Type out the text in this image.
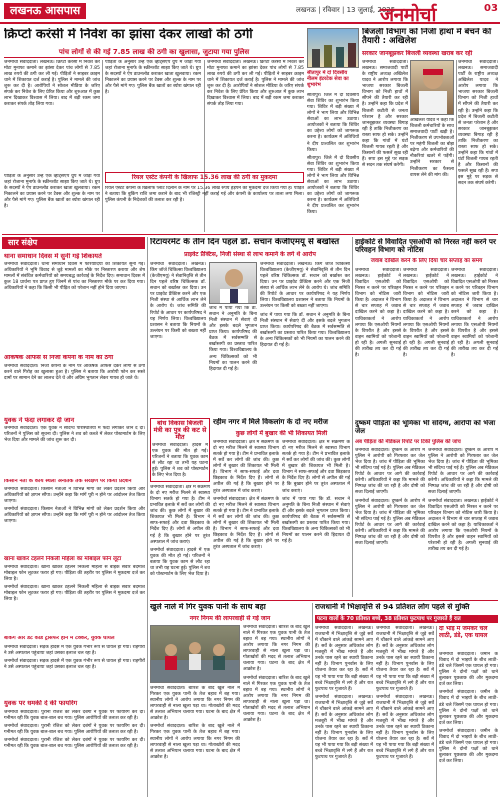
लखनऊ आसपास	लखनऊ | रविवार | 13 जुलाई, 2025
जनमोर्चा	03
क्रिप्टो करंसी में निवेश का झांसा देकर लाखों की ठगी
पांच लोगों से की गई 7.85 लाख की ठगी का खुलासा, जुटाया गया पुलिस

जनमोर्चा संवाददाता। लखनऊ। क्रिप्टो करंसी में निवेश कर मोटा मुनाफा कमाने का झांसा देकर पांच लोगों से 7.85 लाख रुपये की ठगी कर ली गई। पीड़ितों ने साइबर क्राइम थाने में शिकायत दर्ज कराई है। पुलिस ने मामले की जांच शुरू कर दी है। आरोपियों ने सोशल मीडिया के जरिए संपर्क कर निवेश के लिए प्रेरित किया और शुरुआत में कुछ लाभ दिखाकर विश्वास में लिया। बाद में बड़ी रकम जमा कराकर संपर्क तोड़ लिया गया।

पीड़ितों के अनुसार उन्हें एक व्हाट्सएप ग्रुप में जोड़ा गया जहां रोजाना मुनाफे के स्क्रीनशॉट साझा किए जाते थे। ग्रुप के सदस्यों ने ऐप डाउनलोड कराकर खाता खुलवाया। रकम निकालने का प्रयास करने पर टैक्स और शुल्क के नाम पर और पैसे मांगे गए। पुलिस बैंक खातों का ब्योरा खंगाल रही है।

जनमोर्चा संवाददाता। लखनऊ। क्रिप्टो करंसी में निवेश कर मोटा मुनाफा कमाने का झांसा देकर पांच लोगों से 7.85 लाख रुपये की ठगी कर ली गई। पीड़ितों ने साइबर क्राइम थाने में शिकायत दर्ज कराई है। पुलिस ने मामले की जांच शुरू कर दी है। आरोपियों ने सोशल मीडिया के जरिए संपर्क कर निवेश के लिए प्रेरित किया और शुरुआत में कुछ लाभ दिखाकर विश्वास में लिया। बाद में बड़ी रकम जमा कराकर संपर्क तोड़ लिया गया।

रियल एस्टेट कंपनी के खिलाफ 15.36 लाख की ठगी का मुकदमा

रियल एस्टेट कंपनी के खिलाफ प्लॉट दिलाने के नाम पर 15.36 लाख रुपये हड़पने का मुकदमा दर्ज किया गया है। पीड़ित ने बताया कि बुकिंग राशि जमा कराने के बाद भी रजिस्ट्री नहीं कराई गई और कंपनी के कार्यालय पर ताला लगा मिला। पुलिस कंपनी के निदेशकों की तलाश कर रही है।

पीड़ितों के अनुसार उन्हें एक व्हाट्सएप ग्रुप में जोड़ा गया जहां रोजाना मुनाफे के स्क्रीनशॉट साझा किए जाते थे। ग्रुप के सदस्यों ने ऐप डाउनलोड कराकर खाता खुलवाया। रकम निकालने का प्रयास करने पर टैक्स और शुल्क के नाम पर और पैसे मांगे गए। पुलिस बैंक खातों का ब्योरा खंगाल रही है।

बिजली विभाग को निजी हाथों में बेचने की तैयारी : अखिलेश
सरकार जानबूझकर बिजली व्यवस्था खराब कर रही

जनमोर्चा संवाददाता। लखनऊ। समाजवादी पार्टी के राष्ट्रीय अध्यक्ष अखिलेश यादव ने आरोप लगाया कि भाजपा सरकार बिजली विभाग को निजी हाथों में सौंपने की तैयारी कर रही है। उन्होंने कहा कि प्रदेश में बिजली कटौती से जनता परेशान है और सरकार जानबूझकर व्यवस्था बिगाड़ रही है ताकि निजीकरण का रास्ता साफ हो सके। उन्होंने कहा कि गांवों में घंटों बिजली गायब रहती है और किसानों की फसलें सूख रही हैं। सपा इस मुद्दे पर सड़क से सदन तक संघर्ष करेगी।

अखिलेश यादव ने कहा कि बिजली कर्मचारियों के साथ समाजवादी पार्टी खड़ी है। निजीकरण से उपभोक्ताओं पर महंगी बिजली का बोझ बढ़ेगा और कर्मचारियों की नौकरियां खतरे में पड़ेंगी। उन्होंने सरकार से निजीकरण का फैसला वापस लेने की मांग की।

जनमोर्चा संवाददाता। लखनऊ। समाजवादी पार्टी के राष्ट्रीय अध्यक्ष अखिलेश यादव ने आरोप लगाया कि भाजपा सरकार बिजली विभाग को निजी हाथों में सौंपने की तैयारी कर रही है। उन्होंने कहा कि प्रदेश में बिजली कटौती से जनता परेशान है और सरकार जानबूझकर व्यवस्था बिगाड़ रही है ताकि निजीकरण का रास्ता साफ हो सके। उन्होंने कहा कि गांवों में घंटों बिजली गायब रहती है और किसानों की फसलें सूख रही हैं। सपा इस मुद्दे पर सड़क से सदन तक संघर्ष करेगी।

सीतापुर में दो दिवसीय नीलम इंटरटेक सेवा का शुभारंभ

सीतापुर। जिले में दो दिवसीय सेवा शिविर का शुभारंभ किया गया। शिविर में बड़ी संख्या में लोगों ने भाग लिया और विभिन्न सेवाओं का लाभ उठाया। आयोजकों ने बताया कि शिविर का उद्देश्य लोगों को जागरूक करना है। कार्यक्रम में अतिथियों ने दीप प्रज्वलित कर शुभारंभ किया।

सीतापुर। जिले में दो दिवसीय सेवा शिविर का शुभारंभ किया गया। शिविर में बड़ी संख्या में लोगों ने भाग लिया और विभिन्न सेवाओं का लाभ उठाया। आयोजकों ने बताया कि शिविर का उद्देश्य लोगों को जागरूक करना है। कार्यक्रम में अतिथियों ने दीप प्रज्वलित कर शुभारंभ किया।

सार संक्षेप
थाना समाधान दिवस में सुनी गई शिकायतें

जनमोर्चा संवाददाता। थाना समाधान दिवस में फरियादियों की शिकायतें सुनी गईं। अधिकारियों ने भूमि विवाद से जुड़े मामलों का मौके पर निस्तारण कराया और शेष मामलों में संबंधित कर्मचारियों को समयबद्ध कार्रवाई के निर्देश दिए। समाधान दिवस में कुल 18 प्रार्थना पत्र प्राप्त हुए जिनमें से पांच का निस्तारण मौके पर कर दिया गया। अधिकारियों ने कहा कि किसी भी पीड़ित को परेशान नहीं होने दिया जाएगा।

आकर्षक ऑफर्स से निजी कंपनी के नाम की ठगी

जनमोर्चा संवाददाता। निजी कंपनी के नाम पर आकर्षक ऑफर्स देकर लोगों से ठगी करने वाले गिरोह का खुलासा हुआ है। पुलिस ने बताया कि आरोपी फोन कर सस्ते दामों पर सामान देने का लालच देते थे और अग्रिम भुगतान लेकर गायब हो जाते थे।

युवक ने फंदा लगाकर दी जान

जनमोर्चा संवाददाता। एक युवक ने संदिग्ध परिस्थितियों में फंदा लगाकर जान दे दी। परिजनों ने पुलिस को सूचना दी। पुलिस ने शव को कब्जे में लेकर पोस्टमार्टम के लिए भेज दिया और मामले की जांच शुरू कर दी।

किसान नेता के कार्य स्थली अनैतिक तक संरक्षण पर किया प्रदर्शन

जनमोर्चा संवाददाता। किसान नेताओं ने विभिन्न मांगों को लेकर प्रदर्शन किया और अधिकारियों को ज्ञापन सौंपा। उन्होंने कहा कि मांगें पूरी न होने पर आंदोलन तेज किया जाएगा।

जनमोर्चा संवाददाता। किसान नेताओं ने विभिन्न मांगों को लेकर प्रदर्शन किया और अधिकारियों को ज्ञापन सौंपा। उन्होंने कहा कि मांगें पूरी न होने पर आंदोलन तेज किया जाएगा।

खाना खाकर टहलने निकली महिला का मोबाइल फोन लूटा

जनमोर्चा संवाददाता। खाना खाकर टहलने निकली महिला से बाइक सवार बदमाश मोबाइल फोन लूटकर फरार हो गए। पीड़िता की तहरीर पर पुलिस ने मुकदमा दर्ज कर लिया है।

जनमोर्चा संवाददाता। खाना खाकर टहलने निकली महिला से बाइक सवार बदमाश मोबाइल फोन लूटकर फरार हो गए। पीड़िता की तहरीर पर पुलिस ने मुकदमा दर्ज कर लिया है।

बैंकिंग और डेट कार्ड ट्रांसफर होने में टक्कर, युवक घायल

जनमोर्चा संवाददाता। सड़क हादसे में एक युवक गंभीर रूप से घायल हो गया। राहगीरों ने उसे अस्पताल पहुंचाया जहां उसका इलाज चल रहा है।

जनमोर्चा संवाददाता। सड़क हादसे में एक युवक गंभीर रूप से घायल हो गया। राहगीरों ने उसे अस्पताल पहुंचाया जहां उसका इलाज चल रहा है।

युवक पर धमकी दे की फायरिंग

जनमोर्चा संवाददाता। पुरानी रंजिश को लेकर दबंगों ने युवक पर फायरिंग कर दी। गनीमत रही कि युवक बाल-बाल बच गया। पुलिस आरोपियों की तलाश कर रही है।

जनमोर्चा संवाददाता। पुरानी रंजिश को लेकर दबंगों ने युवक पर फायरिंग कर दी। गनीमत रही कि युवक बाल-बाल बच गया। पुलिस आरोपियों की तलाश कर रही है।

जनमोर्चा संवाददाता। पुरानी रंजिश को लेकर दबंगों ने युवक पर फायरिंग कर दी। गनीमत रही कि युवक बाल-बाल बच गया। पुलिस आरोपियों की तलाश कर रही है।

रिटायरमेंट के तीन दिन पहले डॉ. सचान केजीएमयू से बर्खास्त
प्राइवेट प्रैक्टिस, निजी संस्था से लाभ कमाने के लगे थे आरोप

जनमोर्चा संवाददाता। लखनऊ। किंग जॉर्ज चिकित्सा विश्वविद्यालय (केजीएमयू) ने सेवानिवृत्ति से तीन दिन पहले वरिष्ठ चिकित्सक डॉ. सचान को बर्खास्त कर दिया। उन पर प्राइवेट प्रैक्टिस करने और एक निजी संस्था से आर्थिक लाभ लेने के आरोप थे। जांच समिति की रिपोर्ट के आधार पर कार्यपरिषद ने यह निर्णय लिया। विश्वविद्यालय प्रशासन ने बताया कि नियमों के उल्लंघन पर किसी को बख्शा नहीं जाएगा।

जांच में पाया गया कि डॉ. सचान ने अनुमति के बिना निजी संस्थान में सेवाएं दीं और इसके बदले भुगतान प्राप्त किया। कार्यपरिषद की बैठक में सर्वसम्मति से बर्खास्तगी का प्रस्ताव पारित किया गया। विश्वविद्यालय के अन्य चिकित्सकों को भी नियमों का पालन करने की हिदायत दी गई है।

जनमोर्चा संवाददाता। लखनऊ। किंग जॉर्ज चिकित्सा विश्वविद्यालय (केजीएमयू) ने सेवानिवृत्ति से तीन दिन पहले वरिष्ठ चिकित्सक डॉ. सचान को बर्खास्त कर दिया। उन पर प्राइवेट प्रैक्टिस करने और एक निजी संस्था से आर्थिक लाभ लेने के आरोप थे। जांच समिति की रिपोर्ट के आधार पर कार्यपरिषद ने यह निर्णय लिया। विश्वविद्यालय प्रशासन ने बताया कि नियमों के उल्लंघन पर किसी को बख्शा नहीं जाएगा।

जांच में पाया गया कि डॉ. सचान ने अनुमति के बिना निजी संस्थान में सेवाएं दीं और इसके बदले भुगतान प्राप्त किया। कार्यपरिषद की बैठक में सर्वसम्मति से बर्खास्तगी का प्रस्ताव पारित किया गया। विश्वविद्यालय के अन्य चिकित्सकों को भी नियमों का पालन करने की हिदायत दी गई है।

बांध विकास बिजली मंत्री का पुत्र की कट से मौत

जनमोर्चा संवाददाता। हादसे में एक युवक की मौत हो गई। परिजनों ने बताया कि युवक काम से लौट रहा था तभी यह घटना हुई। पुलिस ने शव को पोस्टमार्टम के लिए भेज दिया है।

जनमोर्चा संवाददाता। क्षेत्र में संक्रमण के दो नए मरीज मिलने से स्वास्थ्य विभाग सतर्क हो गया है। टीम ने प्रभावित इलाके में सर्वे कर लोगों की जांच की। कुछ लोगों में बुखार की शिकायत भी मिली है। विभाग ने साफ-सफाई और दवा छिड़काव के निर्देश दिए हैं। लोगों से अपील की गई है कि बुखार होने पर तुरंत अस्पताल में जांच कराएं।

जनमोर्चा संवाददाता। हादसे में एक युवक की मौत हो गई। परिजनों ने बताया कि युवक काम से लौट रहा था तभी यह घटना हुई। पुलिस ने शव को पोस्टमार्टम के लिए भेज दिया है।

रहीम नगर में मिले विकलांग के दो नए मरीज
कुछ लोगों में बुखार की भी शिकायत मिली

जनमोर्चा संवाददाता। क्षेत्र में संक्रमण के दो नए मरीज मिलने से स्वास्थ्य विभाग सतर्क हो गया है। टीम ने प्रभावित इलाके में सर्वे कर लोगों की जांच की। कुछ लोगों में बुखार की शिकायत भी मिली है। विभाग ने साफ-सफाई और दवा छिड़काव के निर्देश दिए हैं। लोगों से अपील की गई है कि बुखार होने पर तुरंत अस्पताल में जांच कराएं।

जनमोर्चा संवाददाता। क्षेत्र में संक्रमण के दो नए मरीज मिलने से स्वास्थ्य विभाग सतर्क हो गया है। टीम ने प्रभावित इलाके में सर्वे कर लोगों की जांच की। कुछ लोगों में बुखार की शिकायत भी मिली है। विभाग ने साफ-सफाई और दवा छिड़काव के निर्देश दिए हैं। लोगों से अपील की गई है कि बुखार होने पर तुरंत अस्पताल में जांच कराएं।

जनमोर्चा संवाददाता। क्षेत्र में संक्रमण के दो नए मरीज मिलने से स्वास्थ्य विभाग सतर्क हो गया है। टीम ने प्रभावित इलाके में सर्वे कर लोगों की जांच की। कुछ लोगों में बुखार की शिकायत भी मिली है। विभाग ने साफ-सफाई और दवा छिड़काव के निर्देश दिए हैं। लोगों से अपील की गई है कि बुखार होने पर तुरंत अस्पताल में जांच कराएं।

जांच में पाया गया कि डॉ. सचान ने अनुमति के बिना निजी संस्थान में सेवाएं दीं और इसके बदले भुगतान प्राप्त किया। कार्यपरिषद की बैठक में सर्वसम्मति से बर्खास्तगी का प्रस्ताव पारित किया गया। विश्वविद्यालय के अन्य चिकित्सकों को भी नियमों का पालन करने की हिदायत दी गई है।

हाईकोर्ट से विवादित एसओपी को निरस्त नहीं करने पर परिवहन विभाग को नोटिस
जवाब दाखिल करने के लिए दिया चार सप्ताह का समय

जनमोर्चा संवाददाता। लखनऊ। हाईकोर्ट ने विवादित एसओपी को निरस्त न करने पर परिवहन विभाग को नोटिस जारी किया है। अदालत ने विभाग से चार सप्ताह में जवाब दाखिल करने को कहा है। याचिकाकर्ता ने आरोप लगाया कि एसओपी नियमों के विपरीत है और इससे वाहन स्वामियों को परेशानी हो रही है। अगली सुनवाई की तारीख तय कर दी गई है।

जनमोर्चा संवाददाता। लखनऊ। हाईकोर्ट ने विवादित एसओपी को निरस्त न करने पर परिवहन विभाग को नोटिस जारी किया है। अदालत ने विभाग से चार सप्ताह में जवाब दाखिल करने को कहा है। याचिकाकर्ता ने आरोप लगाया कि एसओपी नियमों के विपरीत है और इससे वाहन स्वामियों को परेशानी हो रही है। अगली सुनवाई की तारीख तय कर दी गई है।

जनमोर्चा संवाददाता। लखनऊ। हाईकोर्ट ने विवादित एसओपी को निरस्त न करने पर परिवहन विभाग को नोटिस जारी किया है। अदालत ने विभाग से चार सप्ताह में जवाब दाखिल करने को कहा है। याचिकाकर्ता ने आरोप लगाया कि एसओपी नियमों के विपरीत है और इससे वाहन स्वामियों को परेशानी हो रही है। अगली सुनवाई की तारीख तय कर दी गई है।

दुष्कर्म पीड़िता की भूमिका भी संदिग्ध, आरोपी को भेजा जेल
अब पीड़िता की मेडिकल रिपोर्ट पर टिकी पुलिस की जांच

जनमोर्चा संवाददाता। दुष्कर्म के आरोप में पुलिस ने आरोपी को गिरफ्तार कर जेल भेज दिया है। जांच में पीड़िता की भूमिका भी संदिग्ध पाई गई है। पुलिस अब मेडिकल रिपोर्ट के आधार पर आगे की कार्रवाई करेगी। अधिकारियों ने कहा कि मामले की निष्पक्ष जांच की जा रही है और दोषी को सजा दिलाई जाएगी।

जनमोर्चा संवाददाता। दुष्कर्म के आरोप में पुलिस ने आरोपी को गिरफ्तार कर जेल भेज दिया है। जांच में पीड़िता की भूमिका भी संदिग्ध पाई गई है। पुलिस अब मेडिकल रिपोर्ट के आधार पर आगे की कार्रवाई करेगी। अधिकारियों ने कहा कि मामले की निष्पक्ष जांच की जा रही है और दोषी को सजा दिलाई जाएगी।

जनमोर्चा संवाददाता। दुष्कर्म के आरोप में पुलिस ने आरोपी को गिरफ्तार कर जेल भेज दिया है। जांच में पीड़िता की भूमिका भी संदिग्ध पाई गई है। पुलिस अब मेडिकल रिपोर्ट के आधार पर आगे की कार्रवाई करेगी। अधिकारियों ने कहा कि मामले की निष्पक्ष जांच की जा रही है और दोषी को सजा दिलाई जाएगी।

जनमोर्चा संवाददाता। लखनऊ। हाईकोर्ट ने विवादित एसओपी को निरस्त न करने पर परिवहन विभाग को नोटिस जारी किया है। अदालत ने विभाग से चार सप्ताह में जवाब दाखिल करने को कहा है। याचिकाकर्ता ने आरोप लगाया कि एसओपी नियमों के विपरीत है और इससे वाहन स्वामियों को परेशानी हो रही है। अगली सुनवाई की तारीख तय कर दी गई है।

खुले नाले में गिर युवक पानी के साथ बहा
नगर निगम की लापरवाही से गई जान

जनमोर्चा संवाददाता। बारिश के बाद खुले नाले में गिरकर एक युवक पानी के तेज बहाव में बह गया। स्थानीय लोगों ने आरोप लगाया कि नगर निगम की लापरवाही से नाला खुला पड़ा था। गोताखोरों की मदद से तलाश अभियान चलाया गया। घटना के बाद क्षेत्र में आक्रोश है।

जनमोर्चा संवाददाता। बारिश के बाद खुले नाले में गिरकर एक युवक पानी के तेज बहाव में बह गया। स्थानीय लोगों ने आरोप लगाया कि नगर निगम की लापरवाही से नाला खुला पड़ा था। गोताखोरों की मदद से तलाश अभियान चलाया गया। घटना के बाद क्षेत्र में आक्रोश है।

जनमोर्चा संवाददाता। बारिश के बाद खुले नाले में गिरकर एक युवक पानी के तेज बहाव में बह गया। स्थानीय लोगों ने आरोप लगाया कि नगर निगम की लापरवाही से नाला खुला पड़ा था। गोताखोरों की मदद से तलाश अभियान चलाया गया। घटना के बाद क्षेत्र में आक्रोश है।

जनमोर्चा संवाददाता। बारिश के बाद खुले नाले में गिरकर एक युवक पानी के तेज बहाव में बह गया। स्थानीय लोगों ने आरोप लगाया कि नगर निगम की लापरवाही से नाला खुला पड़ा था। गोताखोरों की मदद से तलाश अभियान चलाया गया। घटना के बाद क्षेत्र में आक्रोश है।

राजधानी में भिक्षावृत्ति से 94 प्रतिशत लोग पहले से मुक्ति
पटना वालों के 70 प्रतिशत बच्चे, 38 प्रतिशत फुटपाथ पर गुजारते हैं रात

जनमोर्चा संवाददाता। लखनऊ। राजधानी में भिक्षावृत्ति से जुड़े सर्वे में चौंकाने वाले आंकड़े सामने आए हैं। सर्वे के अनुसार अधिकांश लोग मजबूरी में भीख मांगते हैं और उनके पास रहने का स्थायी ठिकाना नहीं है। विभाग पुनर्वास के लिए योजना तैयार कर रहा है। सर्वे में यह भी पाया गया कि बड़ी संख्या में बच्चे भिक्षावृत्ति में लगे हैं और रात फुटपाथ पर गुजारते हैं।

जनमोर्चा संवाददाता। लखनऊ। राजधानी में भिक्षावृत्ति से जुड़े सर्वे में चौंकाने वाले आंकड़े सामने आए हैं। सर्वे के अनुसार अधिकांश लोग मजबूरी में भीख मांगते हैं और उनके पास रहने का स्थायी ठिकाना नहीं है। विभाग पुनर्वास के लिए योजना तैयार कर रहा है। सर्वे में यह भी पाया गया कि बड़ी संख्या में बच्चे भिक्षावृत्ति में लगे हैं और रात फुटपाथ पर गुजारते हैं।

जनमोर्चा संवाददाता। लखनऊ। राजधानी में भिक्षावृत्ति से जुड़े सर्वे में चौंकाने वाले आंकड़े सामने आए हैं। सर्वे के अनुसार अधिकांश लोग मजबूरी में भीख मांगते हैं और उनके पास रहने का स्थायी ठिकाना नहीं है। विभाग पुनर्वास के लिए योजना तैयार कर रहा है। सर्वे में यह भी पाया गया कि बड़ी संख्या में बच्चे भिक्षावृत्ति में लगे हैं और रात फुटपाथ पर गुजारते हैं।

जनमोर्चा संवाददाता। लखनऊ। राजधानी में भिक्षावृत्ति से जुड़े सर्वे में चौंकाने वाले आंकड़े सामने आए हैं। सर्वे के अनुसार अधिकांश लोग मजबूरी में भीख मांगते हैं और उनके पास रहने का स्थायी ठिकाना नहीं है। विभाग पुनर्वास के लिए योजना तैयार कर रहा है। सर्वे में यह भी पाया गया कि बड़ी संख्या में बच्चे भिक्षावृत्ति में लगे हैं और रात फुटपाथ पर गुजारते हैं।

दो भाई में जमकर चले लाठी, डंडे, एक घायल

जनमोर्चा संवाददाता। जमीन के विवाद में दो भाइयों के बीच लाठी-डंडे चले जिसमें एक घायल हो गया। पुलिस ने दोनों पक्षों को थाने बुलाकर पूछताछ की और मुकदमा दर्ज कर लिया।

जनमोर्चा संवाददाता। जमीन के विवाद में दो भाइयों के बीच लाठी-डंडे चले जिसमें एक घायल हो गया। पुलिस ने दोनों पक्षों को थाने बुलाकर पूछताछ की और मुकदमा दर्ज कर लिया।

जनमोर्चा संवाददाता। जमीन के विवाद में दो भाइयों के बीच लाठी-डंडे चले जिसमें एक घायल हो गया। पुलिस ने दोनों पक्षों को थाने बुलाकर पूछताछ की और मुकदमा दर्ज कर लिया।
